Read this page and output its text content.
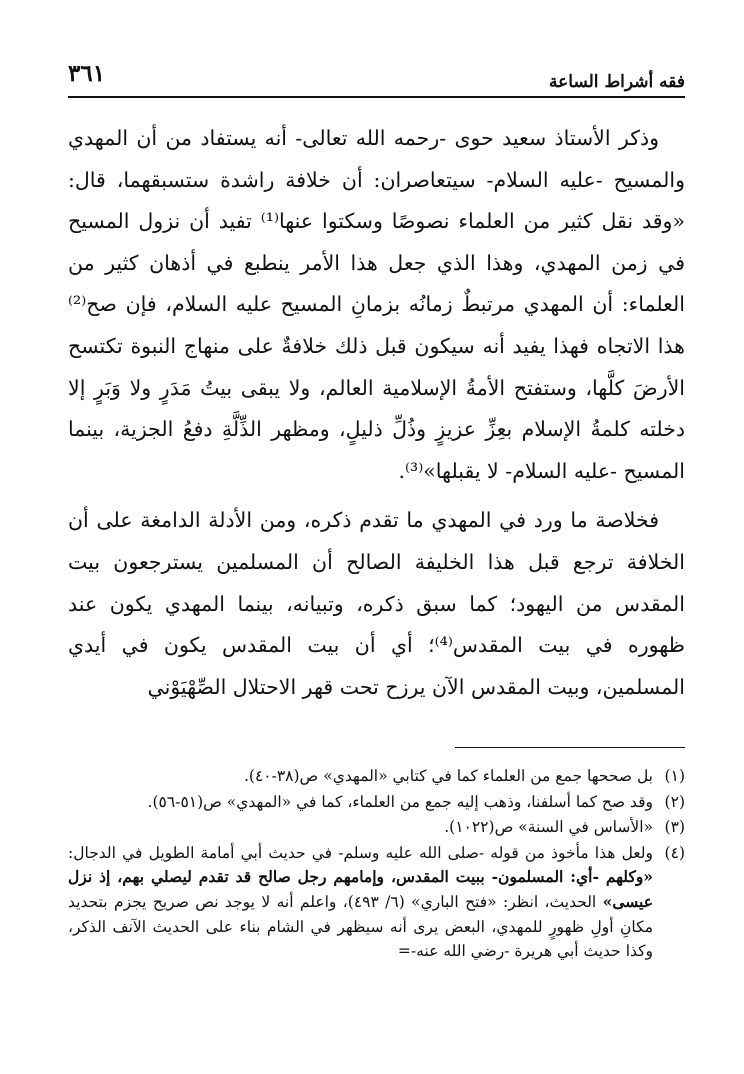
٣٦١	فقه أشراط الساعة

وذكر الأستاذ سعيد حوى -رحمه الله تعالى- أنه يستفاد من أن المهدي والمسيح -عليه السلام- سيتعاصران: أن خلافة راشدة ستسبقهما، قال: «وقد نقل كثير من العلماء نصوصًا وسكتوا عنها⁽¹⁾ تفيد أن نزول المسيح في زمن المهدي، وهذا الذي جعل هذا الأمر ينطبع في أذهان كثير من العلماء: أن المهدي مرتبطٌ زمانُه بزمانِ المسيح عليه السلام، فإن صح⁽²⁾ هذا الاتجاه فهذا يفيد أنه سيكون قبل ذلك خلافةٌ على منهاج النبوة تكتسح الأرضَ كلَّها، وستفتح الأمةُ الإسلامية العالم، ولا يبقى بيتُ مَدَرٍ ولا وَبَرٍ إلا دخلته كلمةُ الإسلام بعِزِّ عزيزٍ وذُلِّ ذليلٍ، ومظهر الذِّلَّةِ دفعُ الجزية، بينما المسيح -عليه السلام- لا يقبلها»⁽³⁾.

فخلاصة ما ورد في المهدي ما تقدم ذكره، ومن الأدلة الدامغة على أن الخلافة ترجع قبل هذا الخليفة الصالح أن المسلمين يسترجعون بيت المقدس من اليهود؛ كما سبق ذكره، وتبيانه، بينما المهدي يكون عند ظهوره في بيت المقدس⁽⁴⁾؛ أي أن بيت المقدس يكون في أيدي المسلمين، وبيت المقدس الآن يرزح تحت قهر الاحتلال الصِّهْيَوْني

(١)
بل صححها جمع من العلماء كما في كتابي «المهدي» ص(٣٨-٤٠).
(٢)
وقد صح كما أسلفنا، وذهب إليه جمع من العلماء، كما في «المهدي» ص(٥١-٥٦).
(٣)
«الأساس في السنة» ص(١٠٢٢).
(٤)
ولعل هذا مأخوذ من قوله -صلى الله عليه وسلم- في حديث أبي أمامة الطويل في الدجال: «وكلهم -أي: المسلمون- ببيت المقدس، وإمامهم رجل صالح قد تقدم ليصلي بهم، إذ نزل عيسى» الحديث، انظر: «فتح الباري» (٦/ ٤٩٣)، واعلم أنه لا يوجد نص صريح يجزم بتحديد مكانِ أولِ ظهورٍ للمهدي، البعض يرى أنه سيظهر في الشام بناء على الحديث الآنف الذكر، وكذا حديث أبي هريرة -رضي الله عنه-=
